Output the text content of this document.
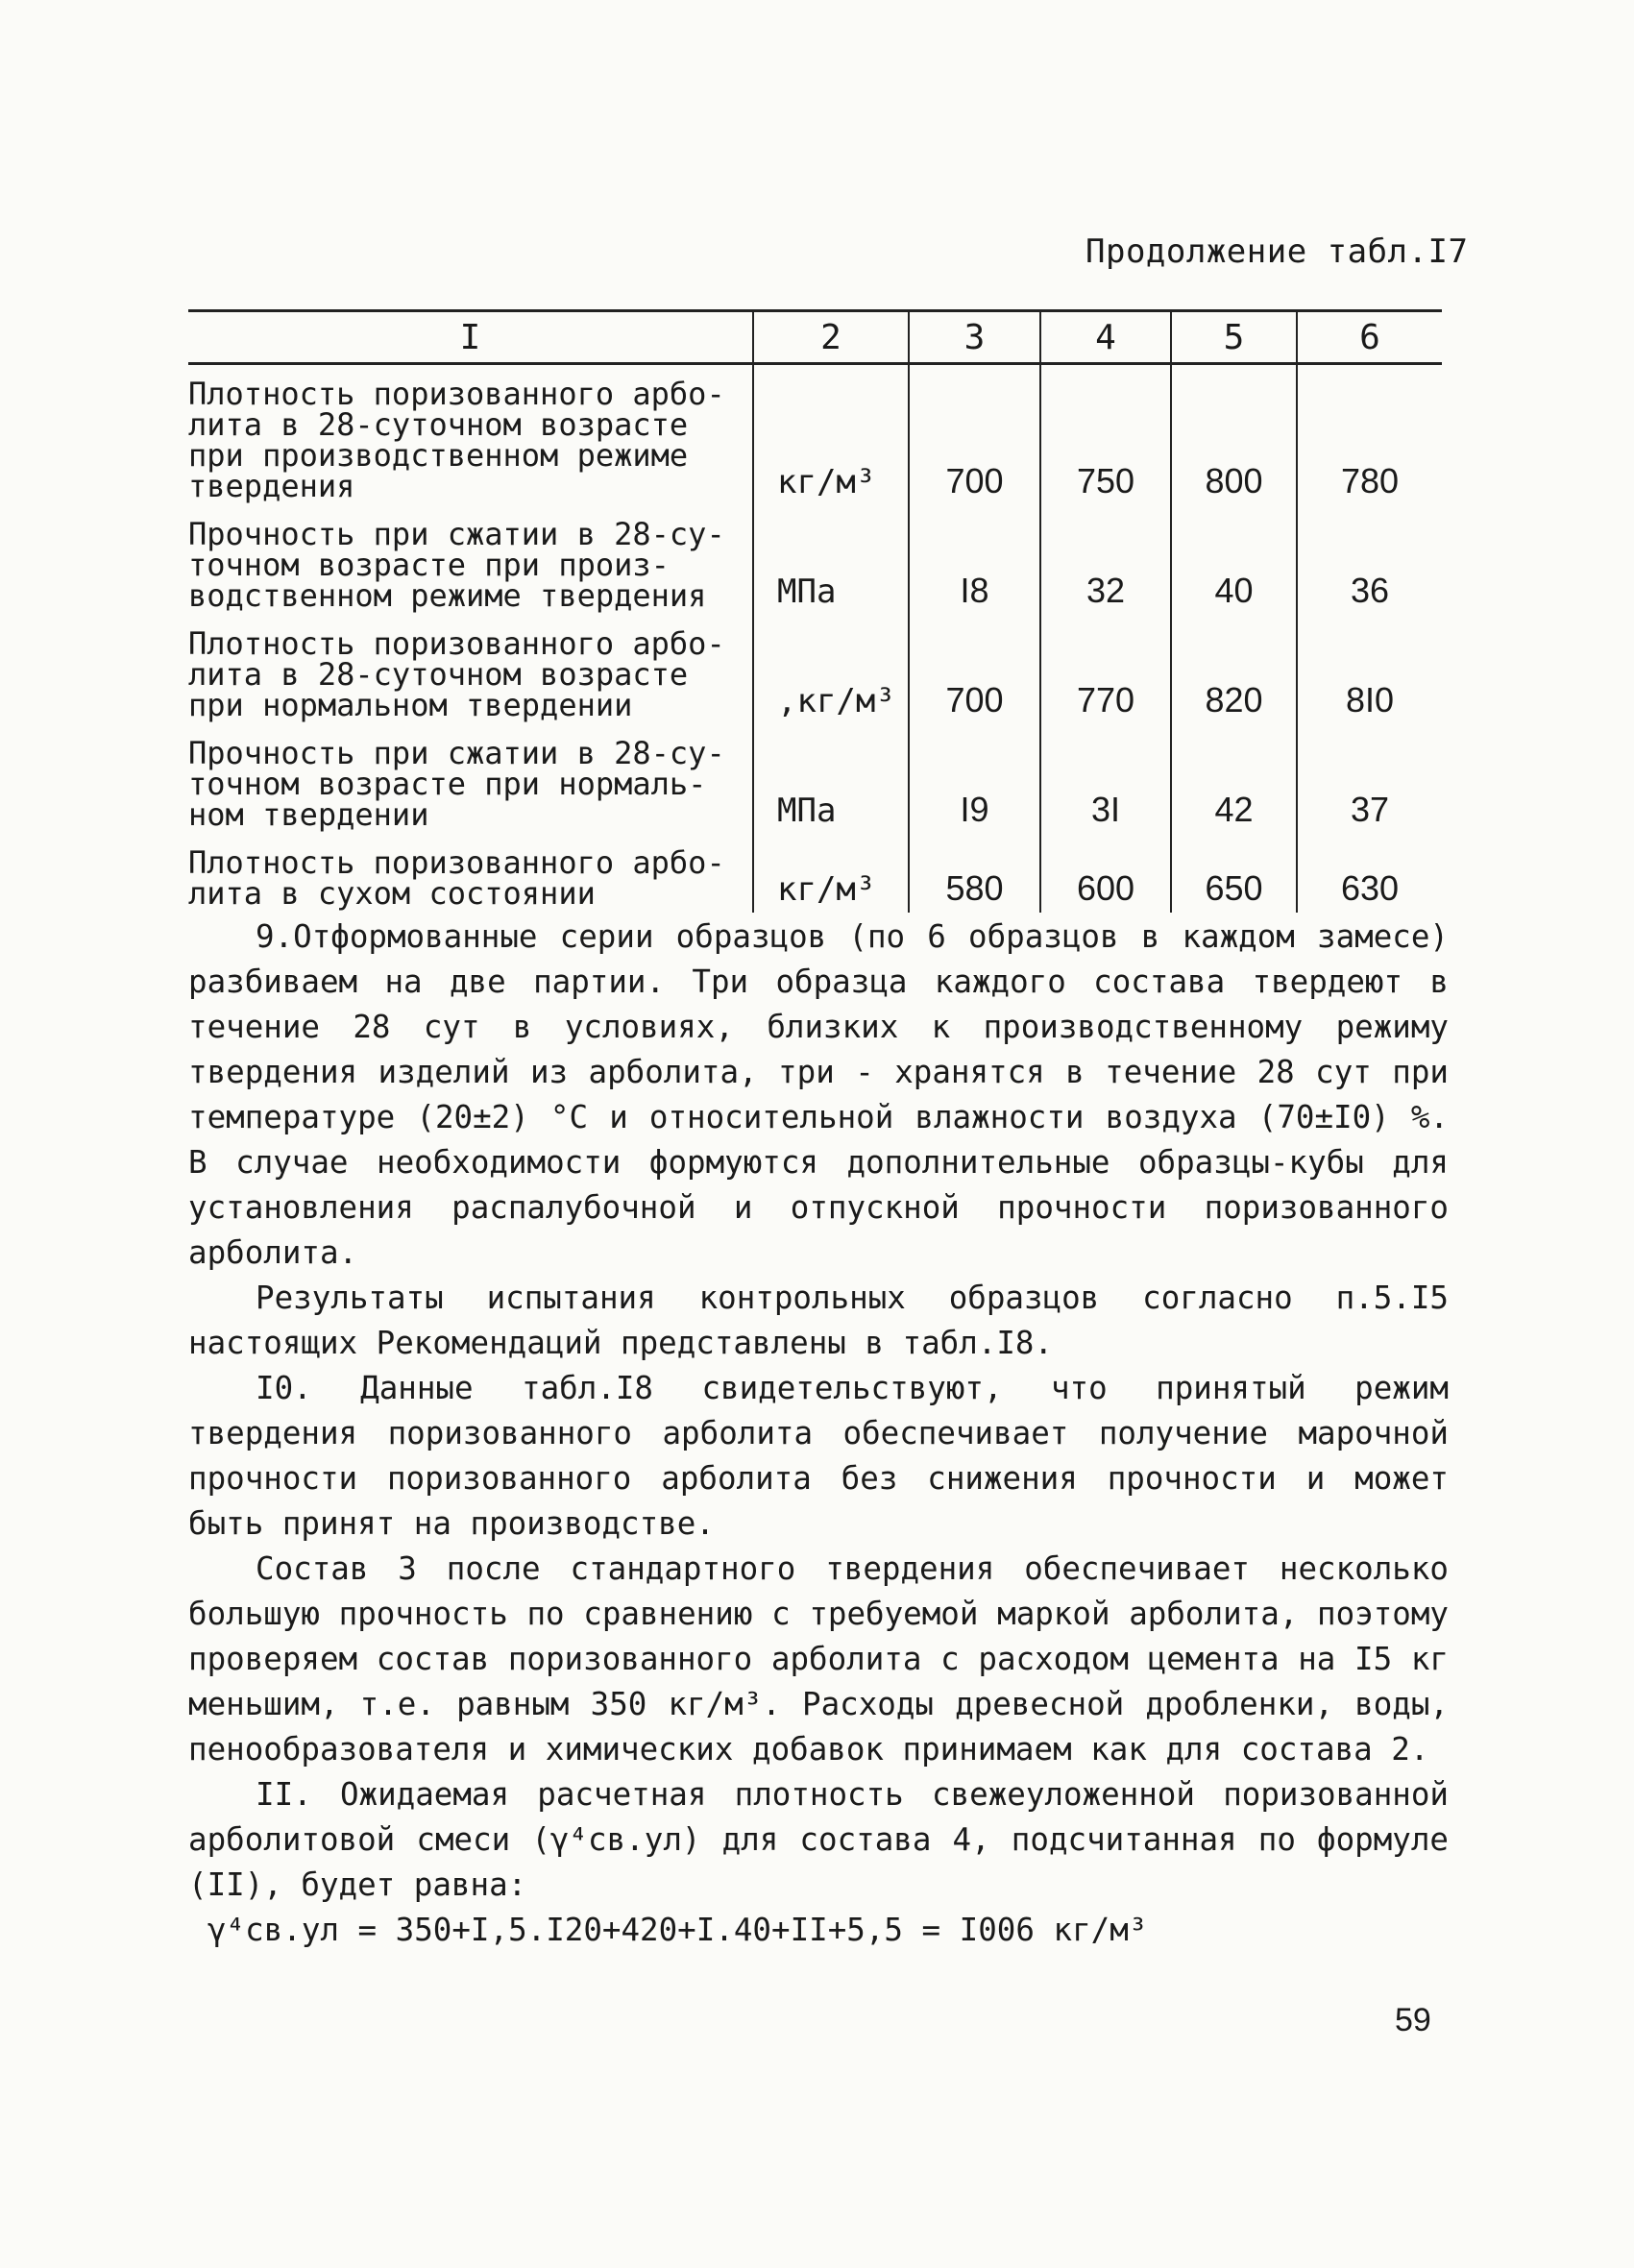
Продолжение табл.I7
I	2	3	4	5	6
Плотность поризованного арбо-лита в 28-суточном возрасте при производственном режиме твердения	кг/м³	700	750	800	780
Прочность при сжатии в 28-су-точном возрасте при произ-водственном режиме твердения	МПа	I8	32	40	36
Плотность поризованного арбо-лита в 28-суточном возрасте при нормальном твердении	,кг/м³	700	770	820	8I0
Прочность при сжатии в 28-су-точном возрасте при нормаль-ном твердении	МПа	I9	3I	42	37
Плотность поризованного арбо-лита в сухом состоянии	кг/м³	580	600	650	630

9.Отформованные серии образцов (по 6 образцов в каждом замесе) разбиваем на две партии. Три образца каждого состава твердеют в течение 28 сут в условиях, близких к производственному режиму твердения изделий из арболита, три - хранятся в течение 28 сут при температуре (20±2) °С и относительной влажности воздуха (70±I0) %. В случае необходимости формуются дополнительные образцы-кубы для установления распалубочной и отпускной прочности поризованного арболита.

Результаты испытания контрольных образцов согласно п.5.I5 настоящих Рекомендаций представлены в табл.I8.

I0. Данные табл.I8 свидетельствуют, что принятый режим твердения поризованного арболита обеспечивает получение марочной прочности поризованного арболита без снижения прочности и может быть принят на производстве.

Состав 3 после стандартного твердения обеспечивает несколько большую прочность по сравнению с требуемой маркой арболита, поэтому проверяем состав поризованного арболита с расходом цемента на I5 кг меньшим, т.е. равным 350 кг/м³. Расходы древесной дробленки, воды, пенообразователя и химических добавок принимаем как для состава 2.

II. Ожидаемая расчетная плотность свежеуложенной поризованной арболитовой смеси (γ⁴св.ул) для состава 4, подсчитанная по формуле (II), будет равна:

γ⁴св.ул = 350+I,5.I20+420+I.40+II+5,5 = I006 кг/м³

59
